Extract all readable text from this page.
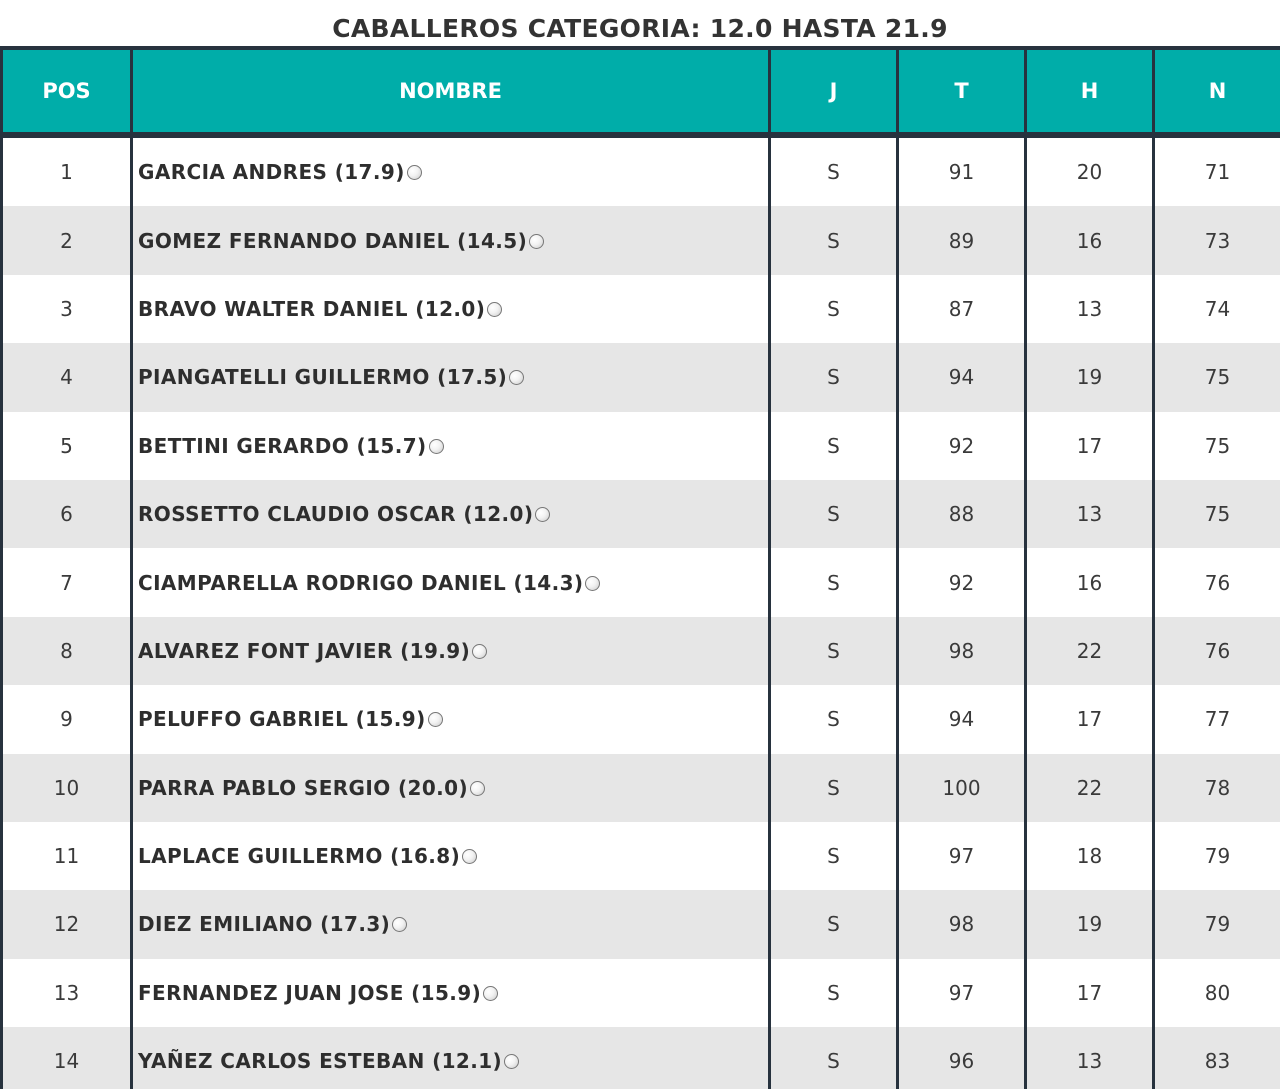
CABALLEROS CATEGORIA: 12.0 HASTA 21.9
POS	NOMBRE	J	T	H	N
1	GARCIA ANDRES (17.9)	S	91	20	71
2	GOMEZ FERNANDO DANIEL (14.5)	S	89	16	73
3	BRAVO WALTER DANIEL (12.0)	S	87	13	74
4	PIANGATELLI GUILLERMO (17.5)	S	94	19	75
5	BETTINI GERARDO (15.7)	S	92	17	75
6	ROSSETTO CLAUDIO OSCAR (12.0)	S	88	13	75
7	CIAMPARELLA RODRIGO DANIEL (14.3)	S	92	16	76
8	ALVAREZ FONT JAVIER (19.9)	S	98	22	76
9	PELUFFO GABRIEL (15.9)	S	94	17	77
10	PARRA PABLO SERGIO (20.0)	S	100	22	78
11	LAPLACE GUILLERMO (16.8)	S	97	18	79
12	DIEZ EMILIANO (17.3)	S	98	19	79
13	FERNANDEZ JUAN JOSE (15.9)	S	97	17	80
14	YAÑEZ CARLOS ESTEBAN (12.1)	S	96	13	83
